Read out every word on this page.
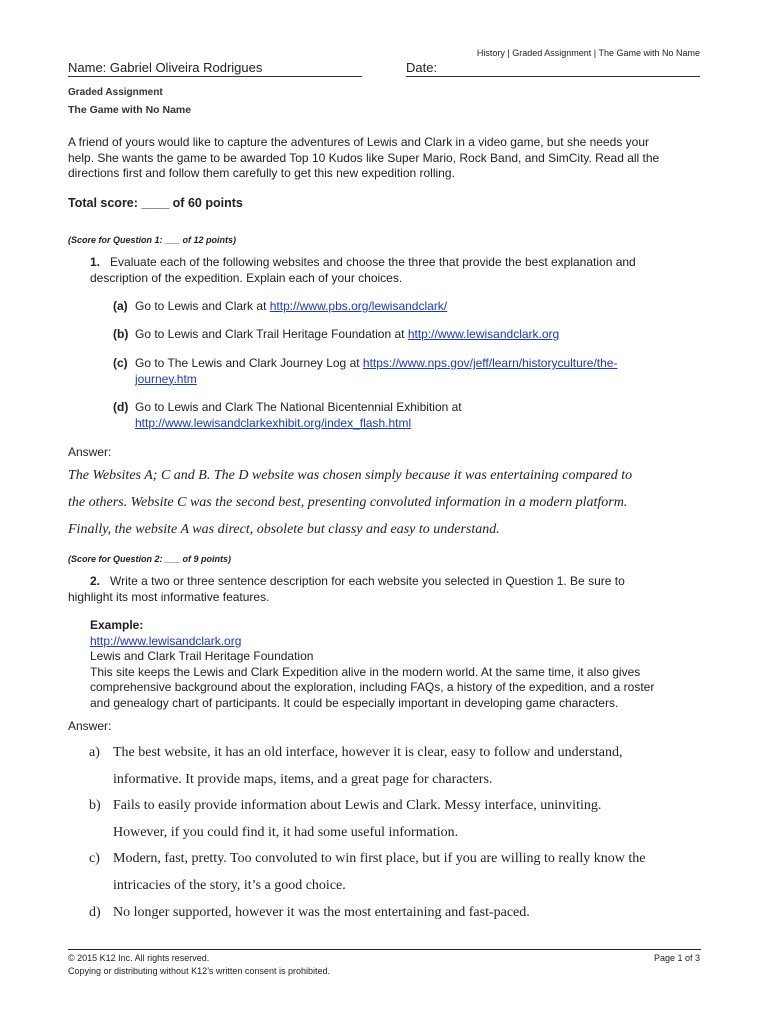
History | Graded Assignment | The Game with No Name
Name: Gabriel Oliveira Rodrigues	Date:
Graded Assignment
The Game with No Name
A friend of yours would like to capture the adventures of Lewis and Clark in a video game, but she needs your
help. She wants the game to be awarded Top 10 Kudos like Super Mario, Rock Band, and SimCity. Read all the
directions first and follow them carefully to get this new expedition rolling.
Total score: ____ of 60 points
(Score for Question 1: ___ of 12 points)
1. Evaluate each of the following websites and choose the three that provide the best explanation and
description of the expedition. Explain each of your choices.
(a) Go to Lewis and Clark at http://www.pbs.org/lewisandclark/
(b) Go to Lewis and Clark Trail Heritage Foundation at http://www.lewisandclark.org
(c) Go to The Lewis and Clark Journey Log at https://www.nps.gov/jeff/learn/historyculture/the-
journey.htm
(d) Go to Lewis and Clark The National Bicentennial Exhibition at
http://www.lewisandclarkexhibit.org/index_flash.html
Answer:
The Websites A; C and B. The D website was chosen simply because it was entertaining compared to
the others. Website C was the second best, presenting convoluted information in a modern platform.
Finally, the website A was direct, obsolete but classy and easy to understand.
(Score for Question 2: ___ of 9 points)
2. Write a two or three sentence description for each website you selected in Question 1. Be sure to
highlight its most informative features.
Example:
http://www.lewisandclark.org
Lewis and Clark Trail Heritage Foundation
This site keeps the Lewis and Clark Expedition alive in the modern world. At the same time, it also gives
comprehensive background about the exploration, including FAQs, a history of the expedition, and a roster
and genealogy chart of participants. It could be especially important in developing game characters.
Answer:
a) The best website, it has an old interface, however it is clear, easy to follow and understand,
informative. It provide maps, items, and a great page for characters.
b) Fails to easily provide information about Lewis and Clark. Messy interface, uninviting.
However, if you could find it, it had some useful information.
c) Modern, fast, pretty. Too convoluted to win first place, but if you are willing to really know the
intricacies of the story, it’s a good choice.
d) No longer supported, however it was the most entertaining and fast-paced.
© 2015 K12 Inc. All rights reserved.
Copying or distributing without K12’s written consent is prohibited.
Page 1 of 3
